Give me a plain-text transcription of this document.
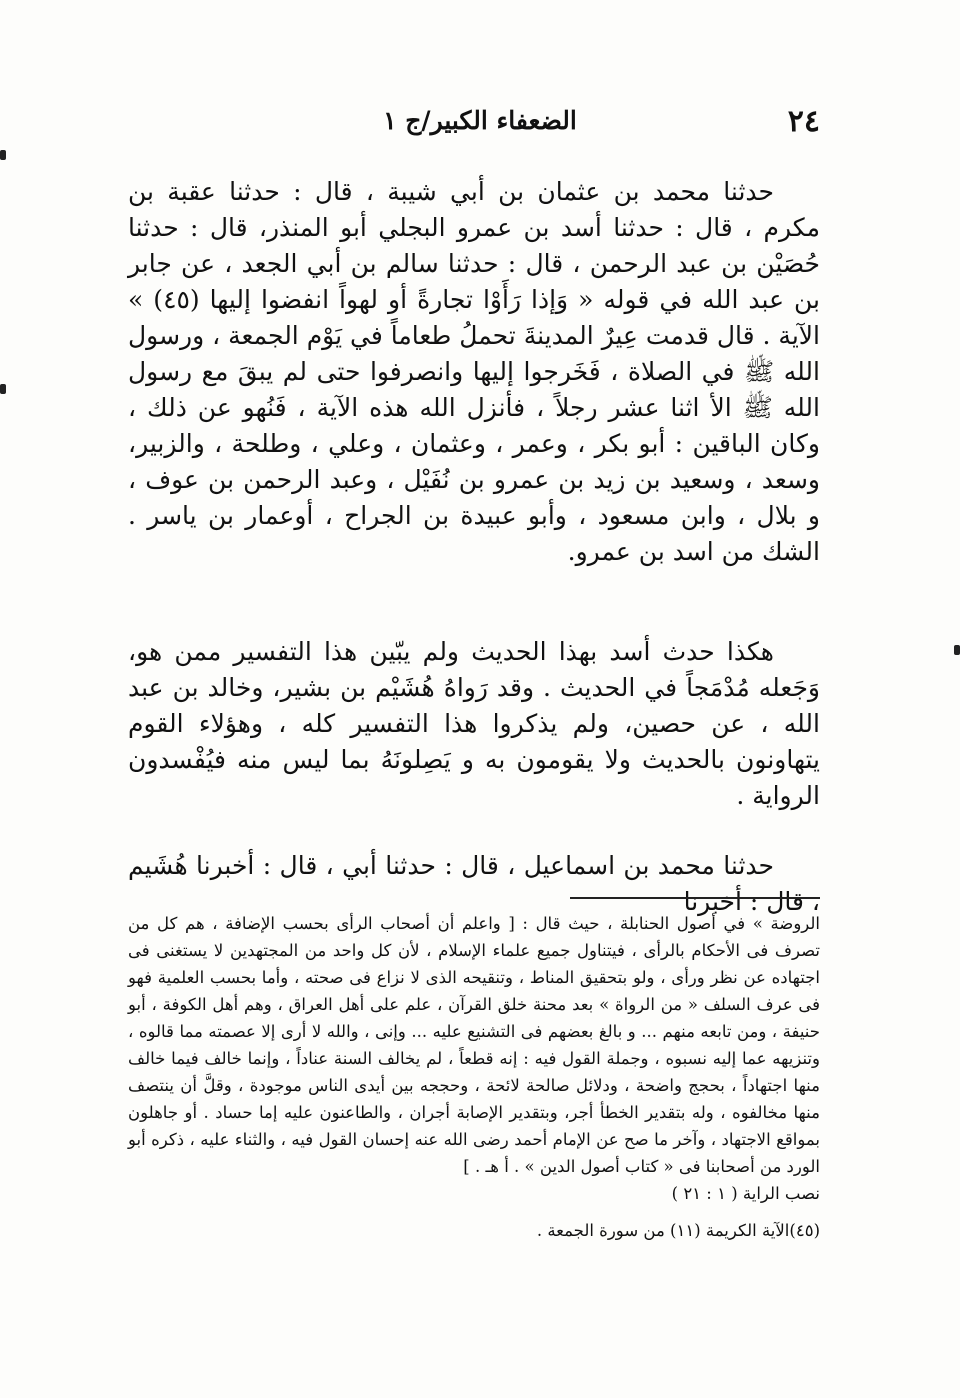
٢٤
الضعفاء الكبير/ج ١

حدثنا محمد بن عثمان بن أبي شيبة ، قال : حدثنا عقبة بن مكرم ، قال : حدثنا أسد بن عمرو البجلي أبو المنذر، قال : حدثنا حُصَيْن بن عبد الرحمن ، قال : حدثنا سالم بن أبي الجعد ، عن جابر بن عبد الله في قوله « وَإذا رَأَوْا تجارةً أو لهواً انفضوا إليها (٤٥) » الآية . قال قدمت عِيرٌ المدينةَ تحملُ طعاماً في يَوْم الجمعة ، ورسول الله ﷺ في الصلاة ، فَخَرجوا إليها وانصرفوا حتى لم يبقَ مع رسول الله ﷺ الأ اثنا عشر رجلاً ، فأنزل الله هذه الآية ، فَنُهو عن ذلك ، وكان الباقين : أبو بكر ، وعمر ، وعثمان ، وعلي ، وطلحة ، والزبير، وسعد ، وسعيد بن زيد بن عمرو بن نُفَيْل ، وعبد الرحمن بن عوف ، و بلال ، وابن مسعود ، وأبو عبيدة بن الجراح ، أوعمار بن ياسر . الشك من اسد بن عمرو.

هكذا حدث أسد بهذا الحديث ولم يبّين هذا التفسير ممن هو، وَجَعله مُدْمَجاً في الحديث . وقد رَواهُ هُشَيْم بن بشير، وخالد بن عبد الله ، عن حصين، ولم يذكروا هذا التفسير كله ، وهؤلاء القوم يتهاونون بالحديث ولا يقومون به و يَصِلونَهُ بما ليس منه فيُفْسدون الرواية .

حدثنا محمد بن اسماعيل ، قال : حدثنا أبي ، قال : أخبرنا هُشَيم ، قال : أخبرنا

الروضة » في أصول الحنابلة ، حيث قال : [ واعلم أن أصحاب الرأى بحسب الإضافة ، هم كل من تصرف فى الأحكام بالرأى ، فيتناول جميع علماء الإسلام ، لأن كل واحد من المجتهدين لا يستغنى فى اجتهاده عن نظر ورأى ، ولو بتحقيق المناط ، وتنقيحه الذى لا نزاع فى صحته ، وأما بحسب العلمية فهو فى عرف السلف « من الرواة » بعد محنة خلق القرآن ، علم على أهل العراق ، وهم أهل الكوفة ، أبو حنيفة ، ومن تابعه منهم ... و بالغ بعضهم فى التشنيع عليه ... وإنى ، والله لا أرى إلا عصمته مما قالوه ، وتنزيهه عما إليه نسبوه ، وجملة القول فيه : إنه قطعاً ، لم يخالف السنة عناداً ، وإنما خالف فيما خالف منها اجتهاداً ، بحجج واضحة ، ودلائل صالحة لائحة ، وحججه بين أيدى الناس موجودة ، وقلَّ أن ينتصف منها مخالفوه ، وله بتقدير الخطأ أجر، وبتقدير الإصابة أجران ، والطاعنون عليه إما حساد . أو جاهلون بمواقع الاجتهاد ، وآخر ما صح عن الإمام أحمد رضى الله عنه إحسان القول فيه ، والثناء عليه ، ذكره أبو الورد من أصحابنا فى « كتاب أصول الدين » . أ هـ . ]

نصب الراية ( ١ : ٢١ )

(٤٥)الآية الكريمة (١١) من سورة الجمعة .
